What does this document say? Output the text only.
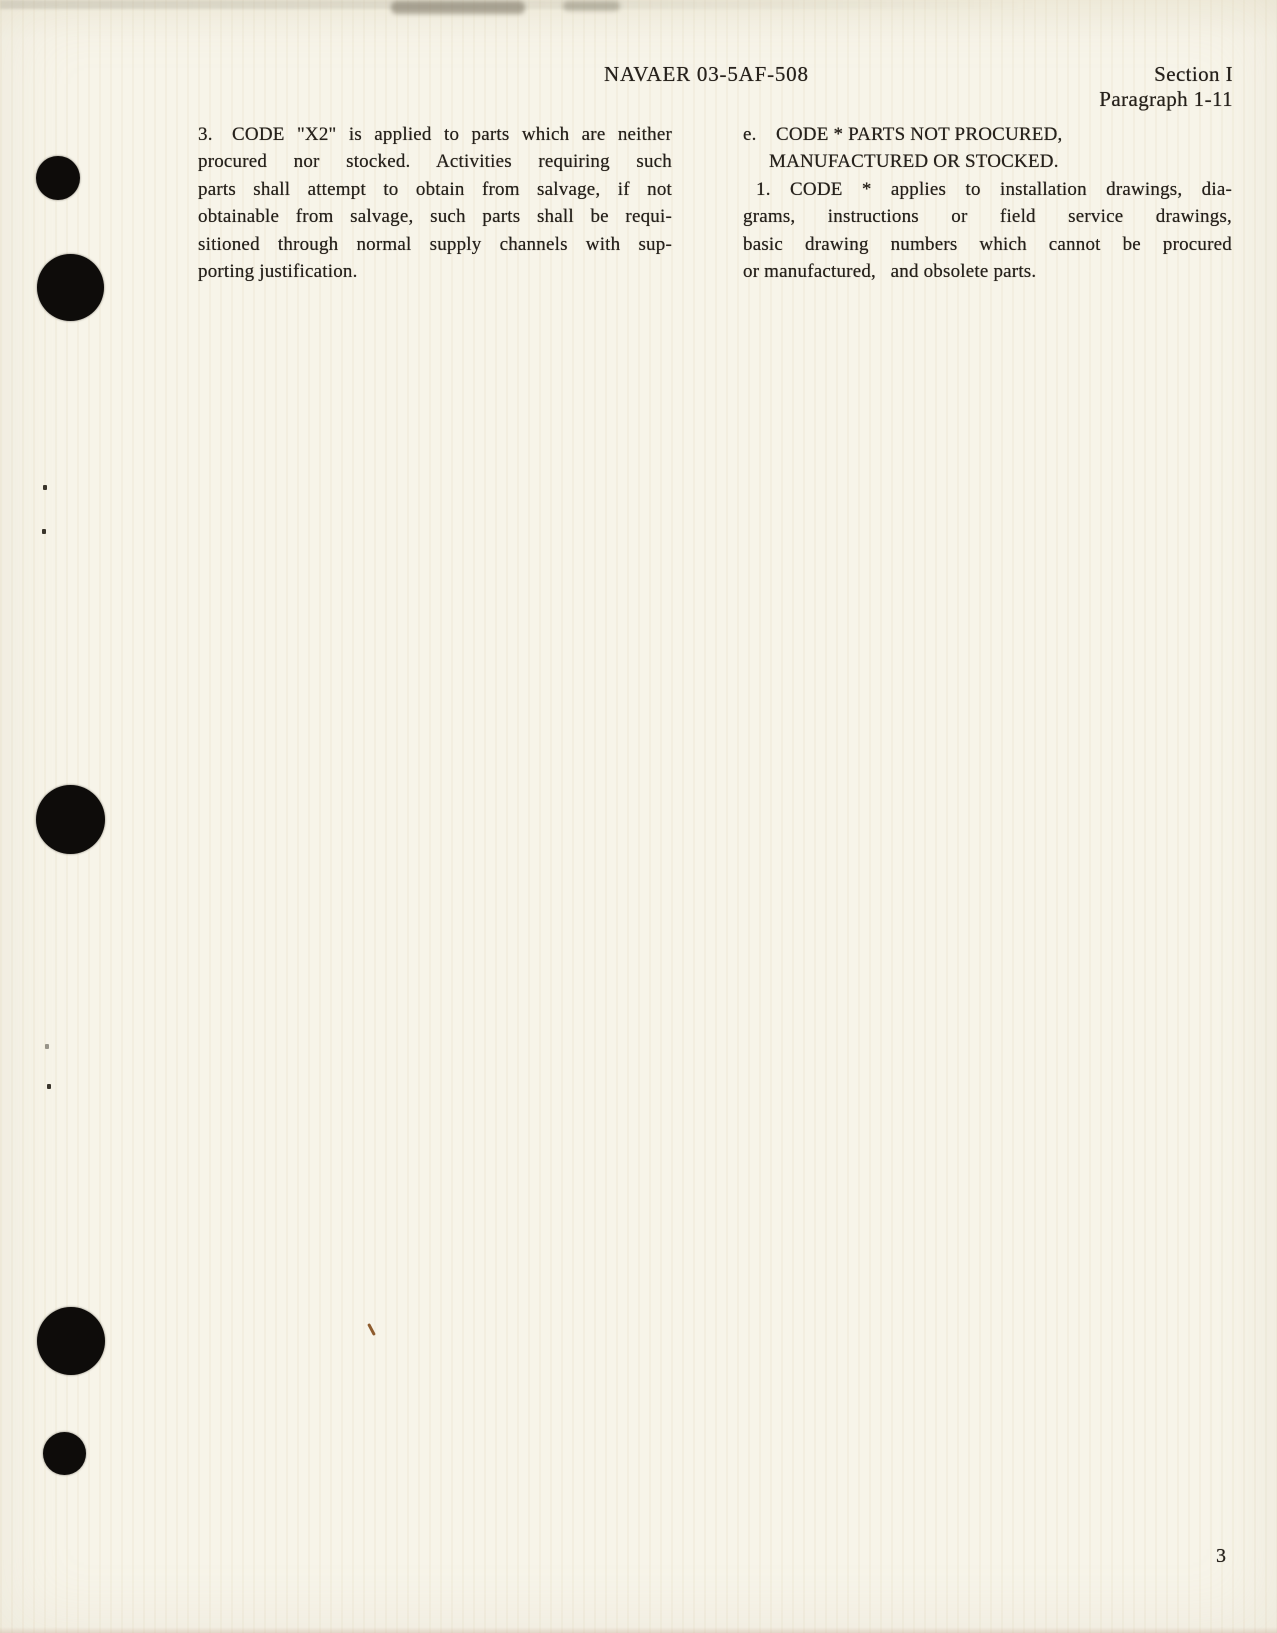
NAVAER 03-5AF-508	Section I
Paragraph 1-11
3.  CODE "X2" is applied to parts which are neither
procured nor stocked. Activities requiring such
parts shall attempt to obtain from salvage, if not
obtainable from salvage, such parts shall be requi-
sitioned through normal supply channels with sup-
porting justification.
e.  CODE * PARTS NOT PROCURED,
MANUFACTURED OR STOCKED.
1.  CODE * applies to installation drawings, dia-
grams, instructions or field service drawings,
basic drawing numbers which cannot be procured
or manufactured,  and obsolete parts.
3
